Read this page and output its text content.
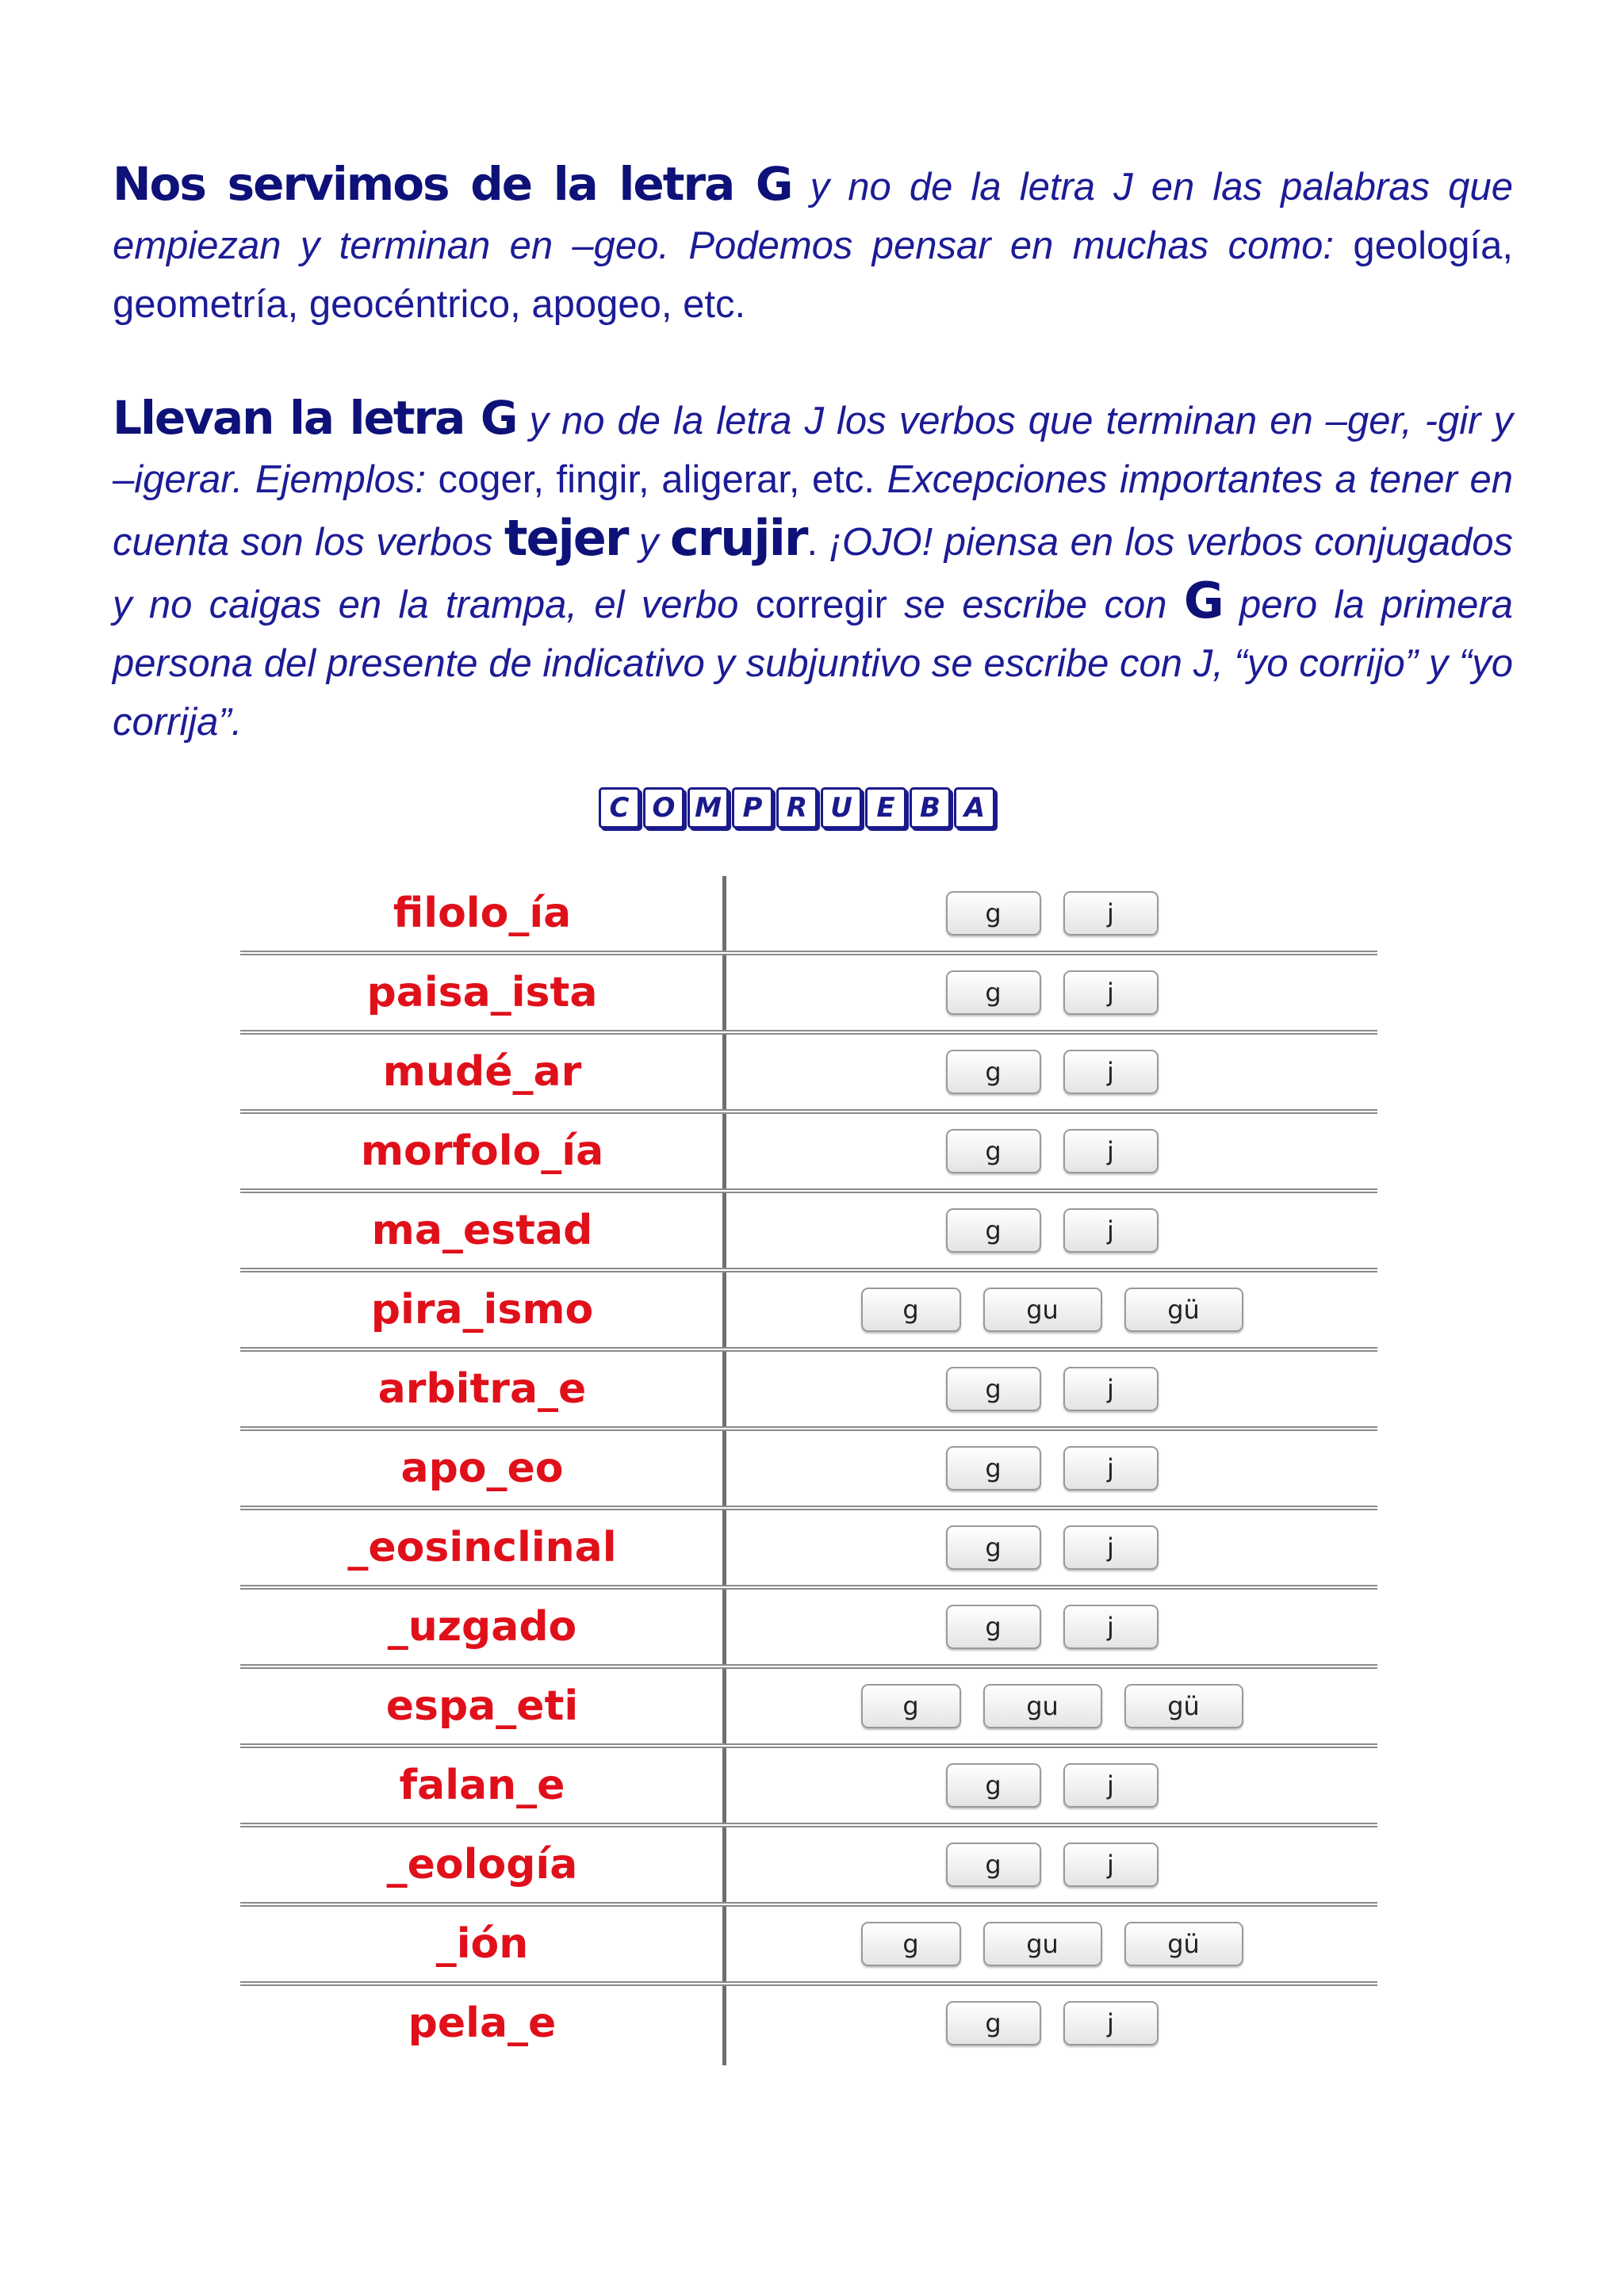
Nos servimos de la letra G y no de la letra J en las palabras que empiezan y terminan en –geo. Podemos pensar en muchas como: geología, geometría, geocéntrico, apogeo, etc.
Llevan la letra G y no de la letra J los verbos que terminan en –ger, -gir y –igerar. Ejemplos: coger, fingir, aligerar, etc. Excepciones importantes a tener en cuenta son los verbos tejer y crujir. ¡OJO! piensa en los verbos conjugados y no caigas en la trampa, el verbo corregir se escribe con G pero la primera persona del presente de indicativo y subjuntivo se escribe con J, “yo corrijo” y “yo corrija”.
C O M P R U E B A
filolo_ía	g	j
paisa_ista	g	j
mudé_ar	g	j
morfolo_ía	g	j
ma_estad	g	j
pira_ismo	g	gu	gü
arbitra_e	g	j
apo_eo	g	j
_eosinclinal	g	j
_uzgado	g	j
espa_eti	g	gu	gü
falan_e	g	j
_eología	g	j
_ión	g	gu	gü
pela_e	g	j
